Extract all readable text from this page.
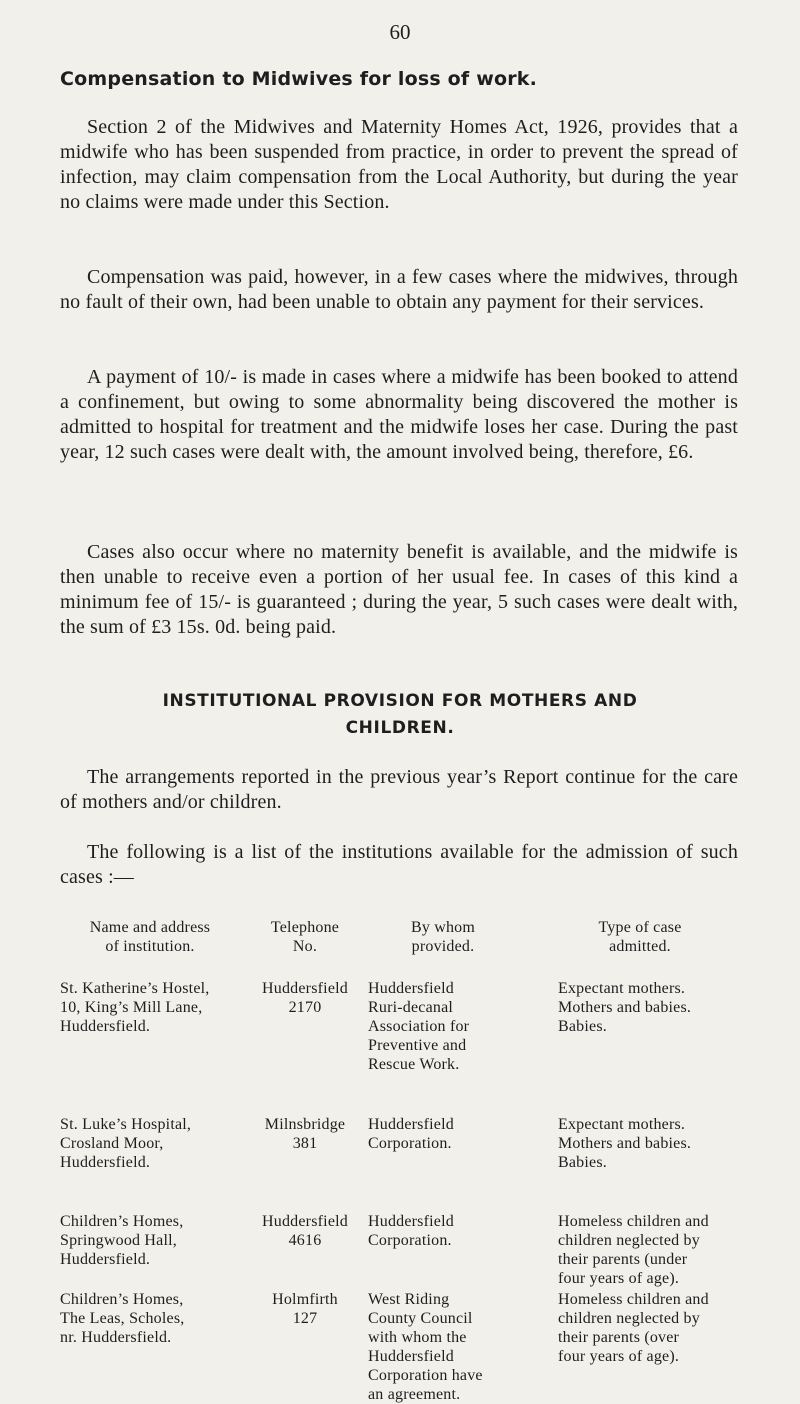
60
Compensation to Midwives for loss of work.

Section 2 of the Midwives and Maternity Homes Act, 1926, provides that a midwife who has been suspended from practice, in order to prevent the spread of infection, may claim compensation from the Local Authority, but during the year no claims were made under this Section.

Compensation was paid, however, in a few cases where the midwives, through no fault of their own, had been unable to obtain any payment for their services.

A payment of 10/- is made in cases where a midwife has been booked to attend a confinement, but owing to some abnormality being discovered the mother is admitted to hospital for treatment and the midwife loses her case. During the past year, 12 such cases were dealt with, the amount involved being, therefore, £6.

Cases also occur where no maternity benefit is available, and the midwife is then unable to receive even a portion of her usual fee. In cases of this kind a minimum fee of 15/- is guaranteed ; during the year, 5 such cases were dealt with, the sum of £3 15s. 0d. being paid.

INSTITUTIONAL PROVISION FOR MOTHERS AND
CHILDREN.

The arrangements reported in the previous year’s Report continue for the care of mothers and/or children.

The following is a list of the institutions available for the admission of such cases :—

Name and address
of institution.
Telephone
No.
By whom
provided.
Type of case
admitted.
St. Katherine’s Hostel,
10, King’s Mill Lane,
Huddersfield.
Huddersfield
2170
Huddersfield
Ruri-decanal
Association for
Preventive and
Rescue Work.
Expectant mothers.
Mothers and babies.
Babies.
St. Luke’s Hospital,
Crosland Moor,
Huddersfield.
Milnsbridge
381
Huddersfield
Corporation.
Expectant mothers.
Mothers and babies.
Babies.
Children’s Homes,
Springwood Hall,
Huddersfield.
Huddersfield
4616
Huddersfield
Corporation.
Homeless children and
children neglected by
their parents (under
four years of age).
Children’s Homes,
The Leas, Scholes,
nr. Huddersfield.
Holmfirth
127
West Riding
County Council
with whom the
Huddersfield
Corporation have
an agreement.
Homeless children and
children neglected by
their parents (over
four years of age).
